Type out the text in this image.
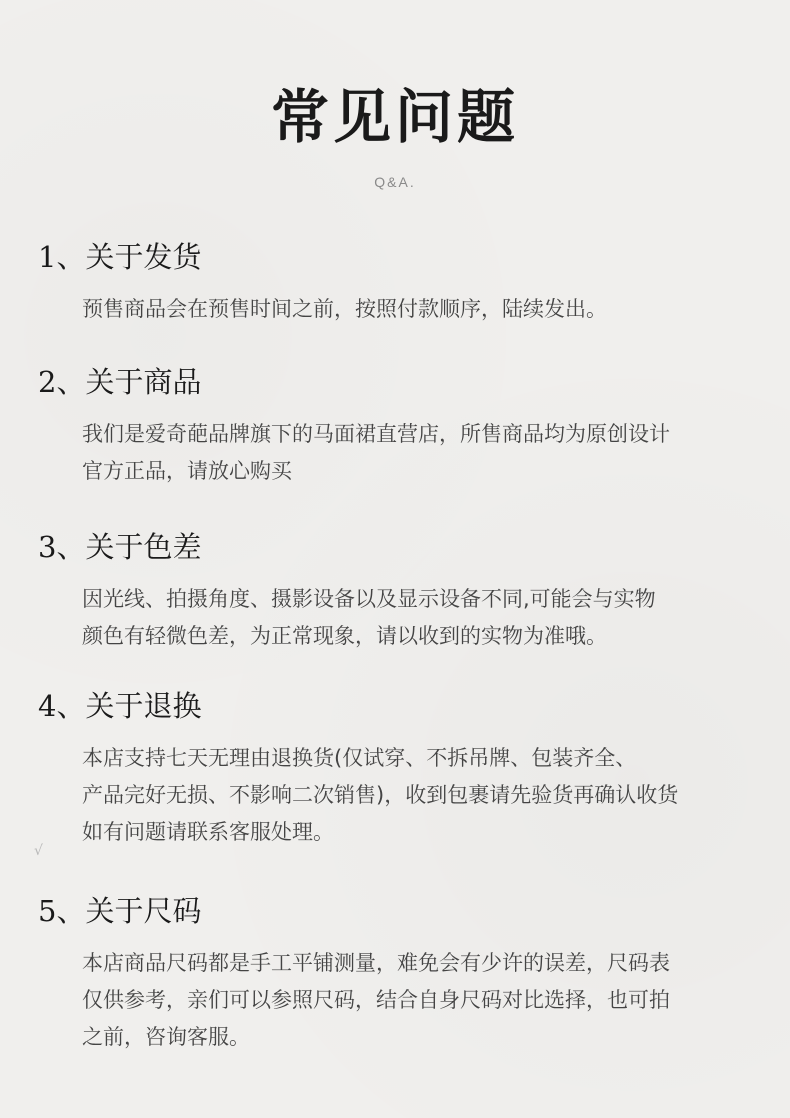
常见问题
Q&A.
1、关于发货
预售商品会在预售时间之前，按照付款顺序，陆续发出。
2、关于商品
我们是爱奇葩品牌旗下的马面裙直营店，所售商品均为原创设计
官方正品，请放心购买
3、关于色差
因光线、拍摄角度、摄影设备以及显示设备不同,可能会与实物
颜色有轻微色差，为正常现象，请以收到的实物为准哦。
4、关于退换
本店支持七天无理由退换货(仅试穿、不拆吊牌、包装齐全、
产品完好无损、不影响二次销售)，收到包裹请先验货再确认收货
如有问题请联系客服处理。
5、关于尺码
本店商品尺码都是手工平铺测量，难免会有少许的误差，尺码表
仅供参考，亲们可以参照尺码，结合自身尺码对比选择，也可拍
之前，咨询客服。
√
